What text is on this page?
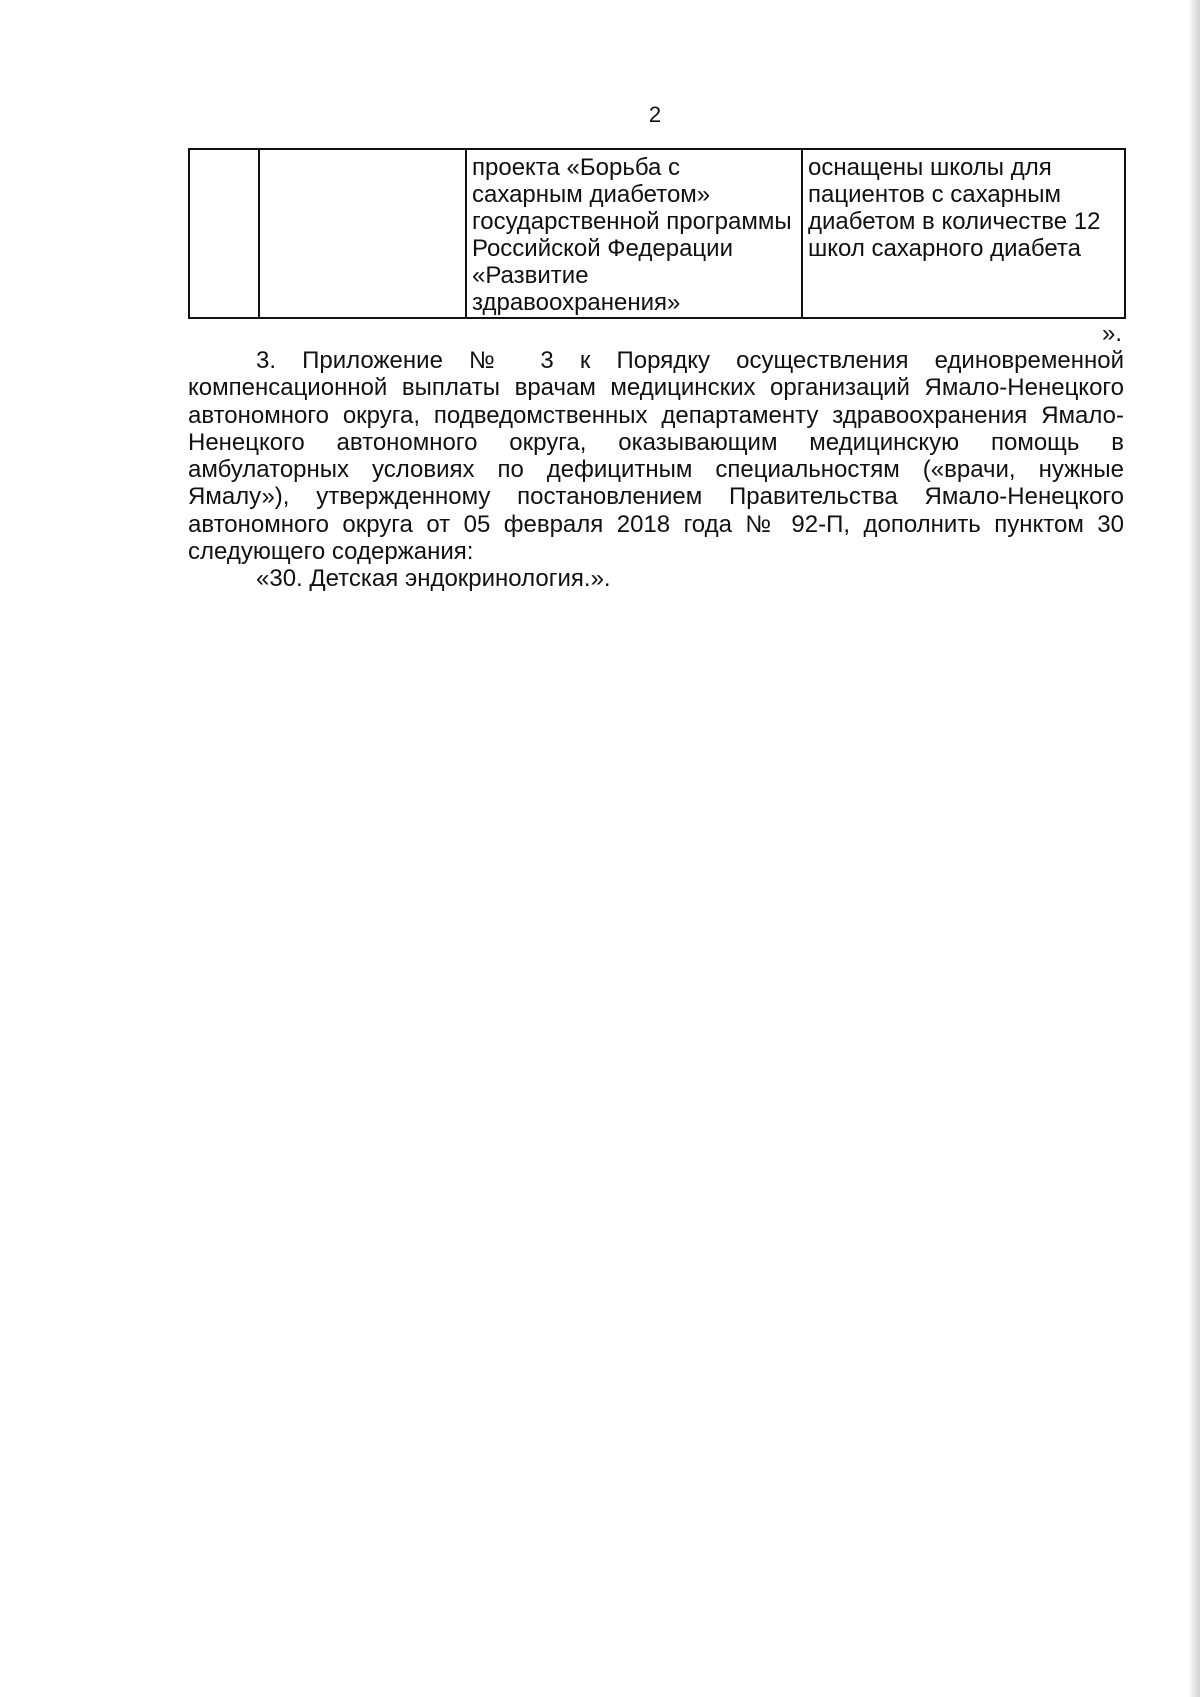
2
		проекта «Борьба с сахарным диабетом» государственной программы Российской Федерации «Развитие здравоохранения»	оснащены школы для пациентов с сахарным диабетом в количестве 12 школ сахарного диабета
».

3. Приложение № 3 к Порядку осуществления единовременной компенсационной выплаты врачам медицинских организаций Ямало-Ненецкого автономного округа, подведомственных департаменту здравоохранения Ямало-Ненецкого автономного округа, оказывающим медицинскую помощь в амбулаторных условиях по дефицитным специальностям («врачи, нужные Ямалу»), утвержденному постановлением Правительства Ямало-Ненецкого автономного округа от 05 февраля 2018 года № 92-П, дополнить пунктом 30 следующего содержания:

«30. Детская эндокринология.».
